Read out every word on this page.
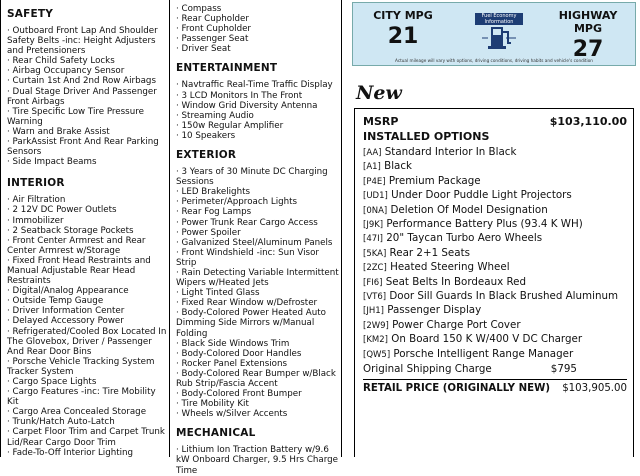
SAFETY
· Outboard Front Lap And Shoulder Safety Belts -inc: Height Adjusters and Pretensioners
· Rear Child Safety Locks
· Airbag Occupancy Sensor
· Curtain 1st And 2nd Row Airbags
· Dual Stage Driver And Passenger Front Airbags
· Tire Specific Low Tire Pressure Warning
· Warn and Brake Assist
· ParkAssist Front And Rear Parking Sensors
· Side Impact Beams
INTERIOR
· Air Filtration
· 2 12V DC Power Outlets
· Immobilizer
· 2 Seatback Storage Pockets
· Front Center Armrest and Rear Center Armrest w/Storage
· Fixed Front Head Restraints and Manual Adjustable Rear Head Restraints
· Digital/Analog Appearance
· Outside Temp Gauge
· Driver Information Center
· Delayed Accessory Power
· Refrigerated/Cooled Box Located In The Glovebox, Driver / Passenger And Rear Door Bins
· Porsche Vehicle Tracking System Tracker System
· Cargo Space Lights
· Cargo Features -inc: Tire Mobility Kit
· Cargo Area Concealed Storage
· Trunk/Hatch Auto-Latch
· Carpet Floor Trim and Carpet Trunk Lid/Rear Cargo Door Trim
· Fade-To-Off Interior Lighting
· Compass
· Rear Cupholder
· Front Cupholder
· Passenger Seat
· Driver Seat
ENTERTAINMENT
· Navtraffic Real-Time Traffic Display
· 3 LCD Monitors In The Front
· Window Grid Diversity Antenna
· Streaming Audio
· 150w Regular Amplifier
· 10 Speakers
EXTERIOR
· 3 Years of 30 Minute DC Charging Sessions
· LED Brakelights
· Perimeter/Approach Lights
· Rear Fog Lamps
· Power Trunk Rear Cargo Access
· Power Spoiler
· Galvanized Steel/Aluminum Panels
· Front Windshield -inc: Sun Visor Strip
· Rain Detecting Variable Intermittent Wipers w/Heated Jets
· Light Tinted Glass
· Fixed Rear Window w/Defroster
· Body-Colored Power Heated Auto Dimming Side Mirrors w/Manual Folding
· Black Side Windows Trim
· Body-Colored Door Handles
· Rocker Panel Extensions
· Body-Colored Rear Bumper w/Black Rub Strip/Fascia Accent
· Body-Colored Front Bumper
· Tire Mobility Kit
· Wheels w/Silver Accents
MECHANICAL
· Lithium Ion Traction Battery w/9.6 kW Onboard Charger, 9.5 Hrs Charge Time
CITY MPG
21
Fuel Economy Information	HIGHWAY MPG
27
Actual mileage will vary with options, driving conditions, driving habits and vehicle's condition
New
MSRP	$103,110.00
INSTALLED OPTIONS
[AA] Standard Interior In Black
[A1] Black
[P4E] Premium Package
[UD1] Under Door Puddle Light Projectors
[0NA] Deletion Of Model Designation
[J9K] Performance Battery Plus (93.4 K WH)
[47I] 20" Taycan Turbo Aero Wheels
[5KA] Rear 2+1 Seats
[2ZC] Heated Steering Wheel
[FI6] Seat Belts In Bordeaux Red
[VT6] Door Sill Guards In Black Brushed Aluminum
[JH1] Passenger Display
[2W9] Power Charge Port Cover
[KM2] On Board 150 K W/400 V DC Charger
[QW5] Porsche Intelligent Range Manager
Original Shipping Charge	$795
RETAIL PRICE (ORIGINALLY NEW) $103,905.00
